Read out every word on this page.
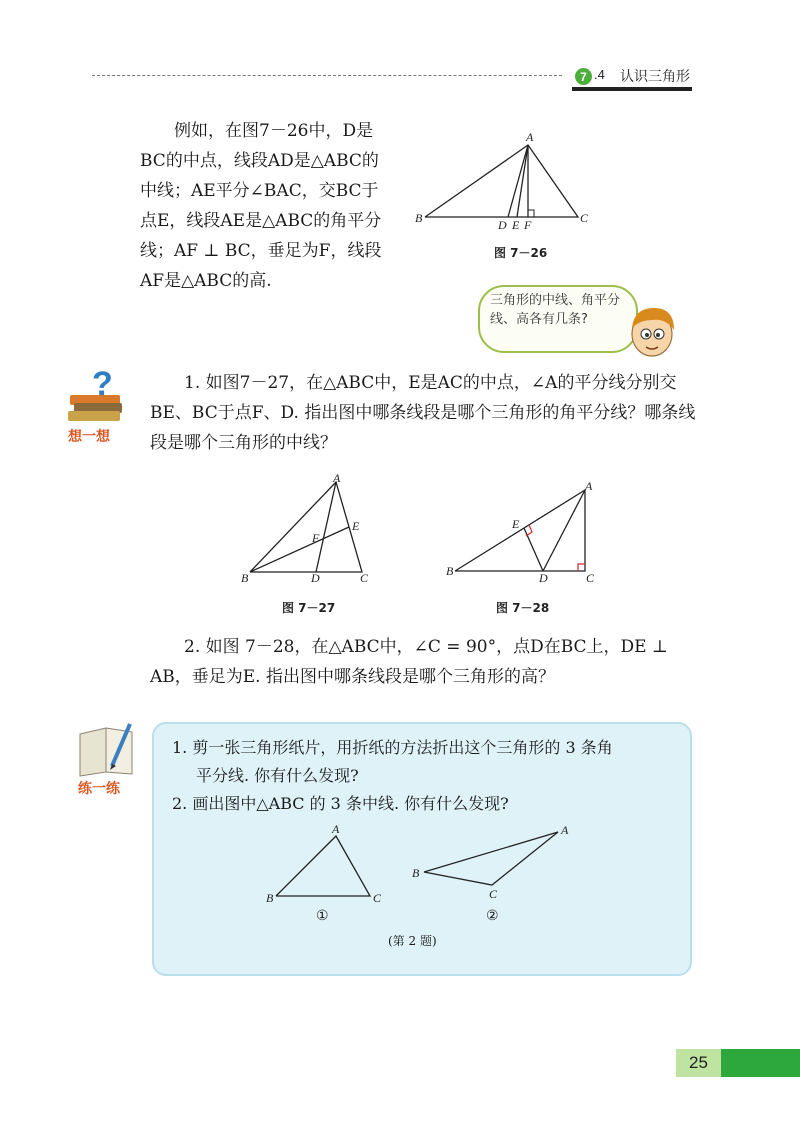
7 .4 认识三角形
例如，在图7－26中，D是BC的中点，线段AD是△ABC的中线；AE平分∠BAC，交BC于点E，线段AE是△ABC的角平分线；AF ⊥ BC，垂足为F，线段AF是△ABC的高.
A
B	C
D E F
图 7－26
三角形的中线、角平分线、高各有几条?
?
想一想
1. 如图7－27，在△ABC中，E是AC的中点，∠A的平分线分别交BE、BC于点F、D. 指出图中哪条线段是哪个三角形的角平分线？哪条线段是哪个三角形的中线？
A
B	C
D
E
F
图 7－27
A
B	C
D
E
图 7－28
2. 如图 7－28，在△ABC中，∠C = 90°，点D在BC上，DE ⊥ AB，垂足为E. 指出图中哪条线段是哪个三角形的高？
练一练
1. 剪一张三角形纸片，用折纸的方法折出这个三角形的 3 条角
平分线. 你有什么发现?
2. 画出图中△ABC 的 3 条中线. 你有什么发现?
A
B	C
①
A
B
C
②
(第 2 题)
25
